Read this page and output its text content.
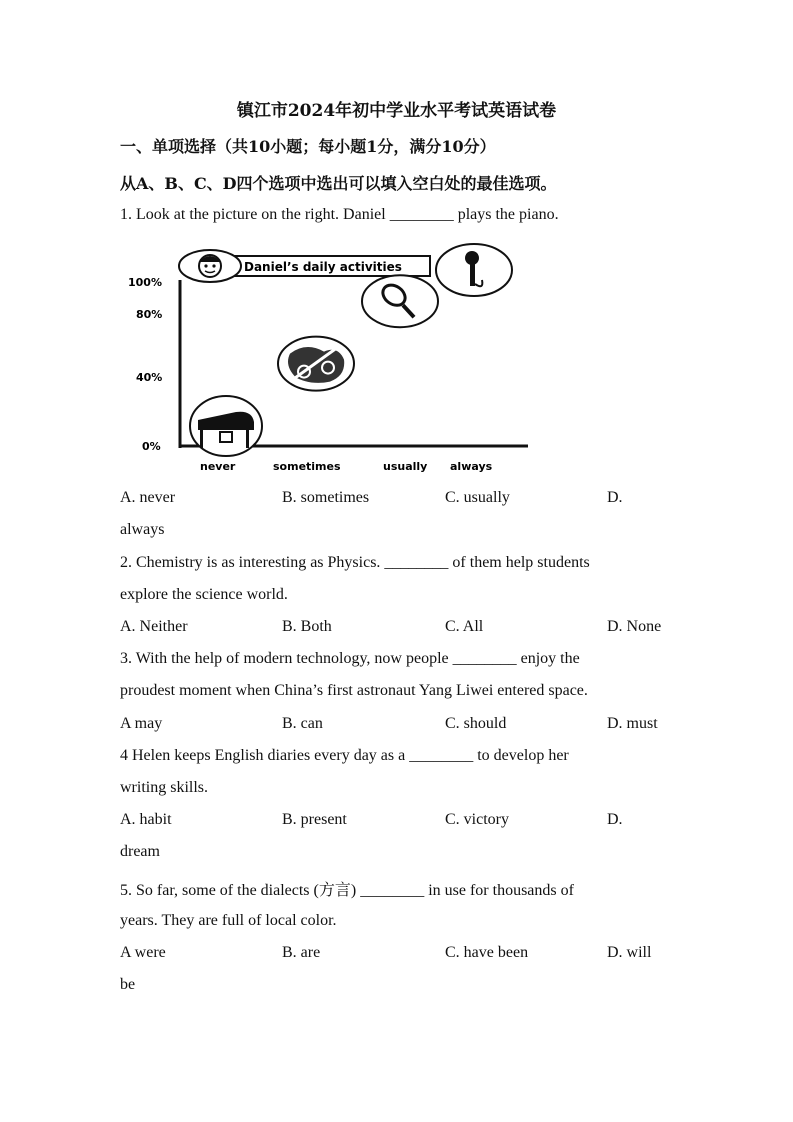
镇江市2024年初中学业水平考试英语试卷
一、单项选择（共10小题；每小题1分，满分10分）
从A、B、C、D四个选项中选出可以填入空白处的最佳选项。
1. Look at the picture on the right. Daniel ________ plays the piano.
100%
80%
40%
0%
never	sometimes	usually always
Daniel’s daily activities
A. never	B. sometimes	C. usually	D.
always
2. Chemistry is as interesting as Physics. ________ of them help students
explore the science world.
A. Neither	B. Both	C. All	D. None
3. With the help of modern technology, now people ________ enjoy the
proudest moment when China’s first astronaut Yang Liwei entered space.
A may	B. can	C. should	D. must
4 Helen keeps English diaries every day as a ________ to develop her
writing skills.
A. habit	B. present	C. victory	D.
dream
5. So far, some of the dialects (方言) ________ in use for thousands of
years. They are full of local color.
A were	B. are	C. have been	D. will
be
